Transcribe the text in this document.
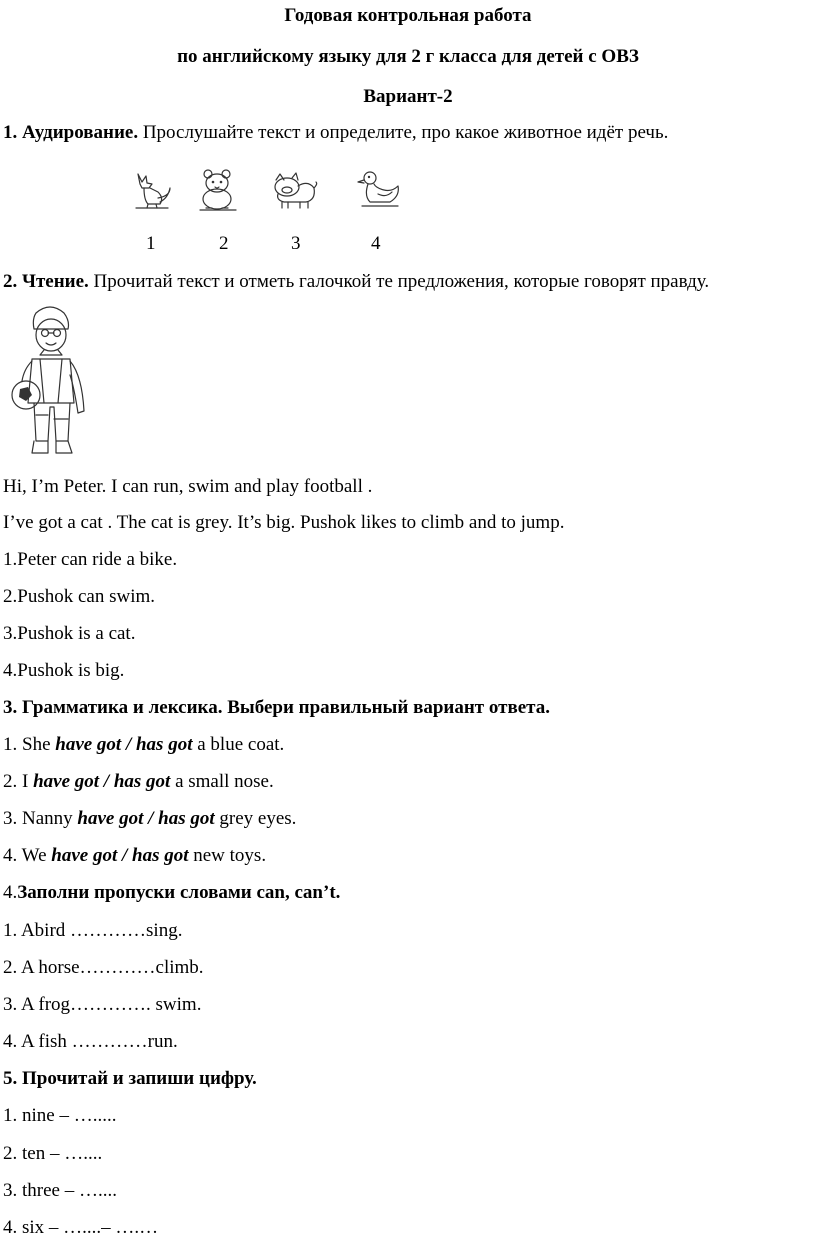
Годовая контрольная работа
по английскому языку для 2 г класса для детей с ОВЗ
Вариант-2
1. Аудирование. Прослушайте текст и определите, про какое животное идёт речь.
1	2	3	4
2. Чтение. Прочитай текст и отметь галочкой те предложения, которые говорят правду.
Hi, I’m Peter. I can run, swim and play football .
I’ve got a cat . The cat is grey. It’s big. Pushok likes to climb and to jump.
1.Peter can ride a bike.
2.Pushok can swim.
3.Pushok is a cat.
4.Pushok is big.
3. Грамматика и лексика. Выбери правильный вариант ответа.
1. She have got / has got a blue coat.
2. I have got / has got a small nose.
3. Nanny have got / has got grey eyes.
4. We have got / has got new toys.
4.Заполни пропуски словами can, can’t.
1. Abird …………sing.
2. A horse…………climb.
3. A frog…………. swim.
4. A fish …………run.
5. Прочитай и запиши цифру.
1. nine – ….....
2. ten – …....
3. three – …....
4. six – …....– ….…
